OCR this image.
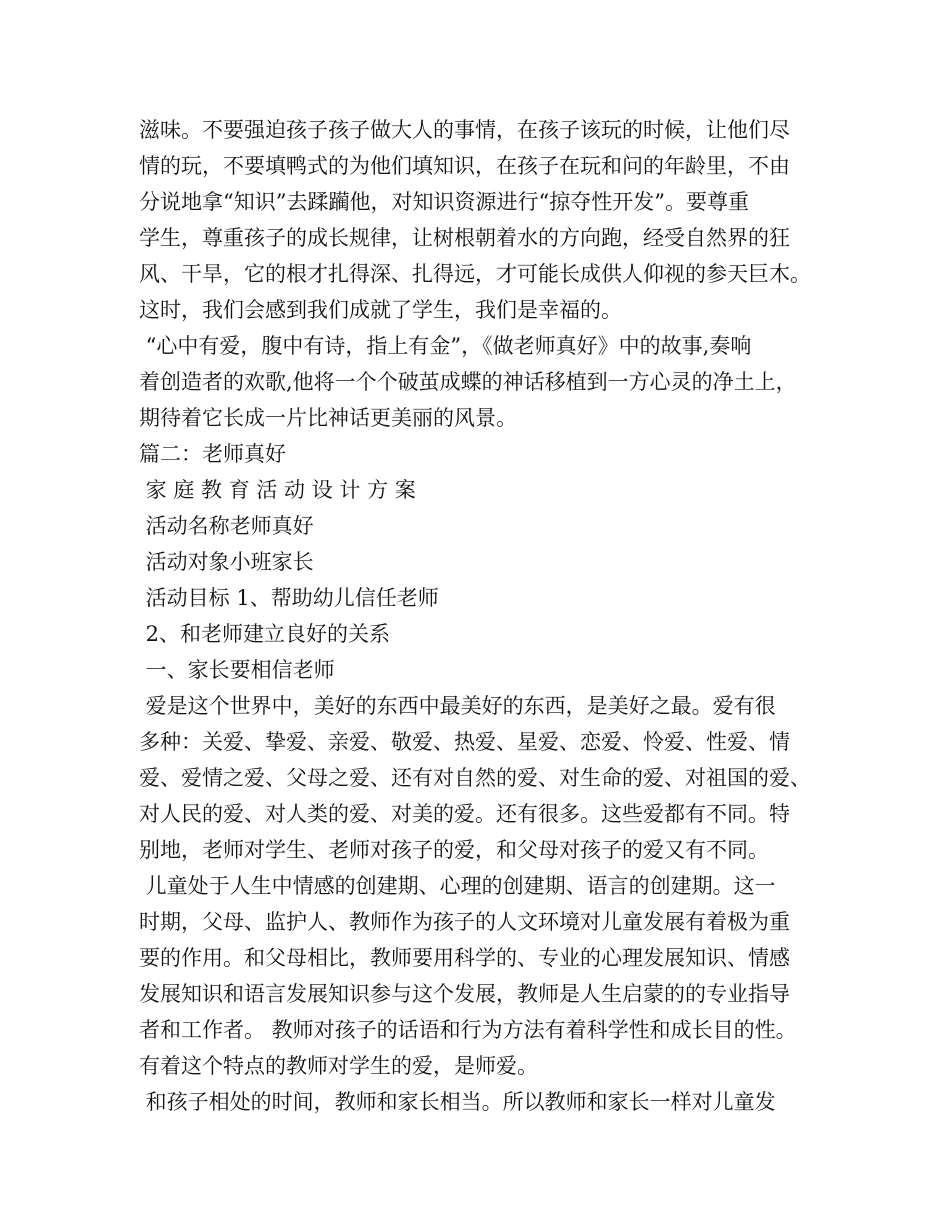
滋味。不要强迫孩子孩子做大人的事情，在孩子该玩的时候，让他们尽
情的玩，不要填鸭式的为他们填知识，在孩子在玩和问的年龄里，不由
分说地拿“知识”去蹂躏他，对知识资源进行“掠夺性开发”。要尊重
学生，尊重孩子的成长规律，让树根朝着水的方向跑，经受自然界的狂
风、干旱，它的根才扎得深、扎得远，才可能长成供人仰视的参天巨木。
这时，我们会感到我们成就了学生，我们是幸福的。
“心中有爱，腹中有诗，指上有金”，《做老师真好》中的故事,奏响
着创造者的欢歌,他将一个个破茧成蝶的神话移植到一方心灵的净土上，
期待着它长成一片比神话更美丽的风景。
篇二：老师真好
家 庭 教 育 活 动 设 计 方 案
活动名称老师真好
活动对象小班家长
活动目标 1、帮助幼儿信任老师
2、和老师建立良好的关系
一、家长要相信老师
爱是这个世界中，美好的东西中最美好的东西，是美好之最。爱有很
多种：关爱、挚爱、亲爱、敬爱、热爱、星爱、恋爱、怜爱、性爱、情
爱、爱情之爱、父母之爱、还有对自然的爱、对生命的爱、对祖国的爱、
对人民的爱、对人类的爱、对美的爱。还有很多。这些爱都有不同。特
别地，老师对学生、老师对孩子的爱，和父母对孩子的爱又有不同。
儿童处于人生中情感的创建期、心理的创建期、语言的创建期。这一
时期，父母、监护人、教师作为孩子的人文环境对儿童发展有着极为重
要的作用。和父母相比，教师要用科学的、专业的心理发展知识、情感
发展知识和语言发展知识参与这个发展，教师是人生启蒙的的专业指导
者和工作者。 教师对孩子的话语和行为方法有着科学性和成长目的性。
有着这个特点的教师对学生的爱，是师爱。
和孩子相处的时间，教师和家长相当。所以教师和家长一样对儿童发
